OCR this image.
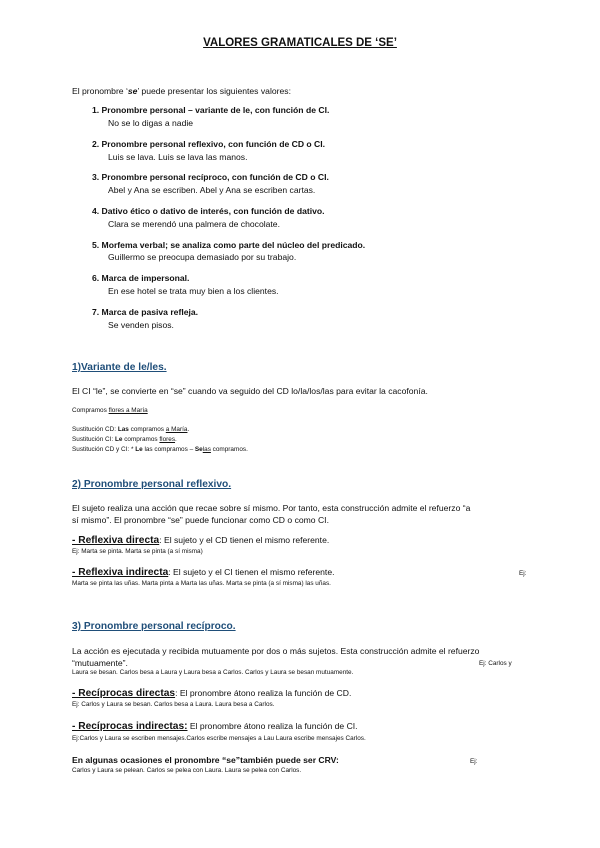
VALORES GRAMATICALES DE ‘SE’
El pronombre ‘se’ puede presentar los siguientes valores:
1. Pronombre personal – variante de le, con función de CI.
No se lo digas a nadie
2. Pronombre personal reflexivo, con función de CD o CI.
Luis se lava. Luis se lava las manos.
3. Pronombre personal recíproco, con función de CD o CI.
Abel y Ana se escriben. Abel y Ana se escriben cartas.
4. Dativo ético o dativo de interés, con función de dativo.
Clara se merendó una palmera de chocolate.
5. Morfema verbal; se analiza como parte del núcleo del predicado.
Guillermo se preocupa demasiado por su trabajo.
6. Marca de impersonal.
En ese hotel se trata muy bien a los clientes.
7. Marca de pasiva refleja.
Se venden pisos.
1)Variante de le/les.
El CI “le”, se convierte en “se” cuando va seguido del CD lo/la/los/las para evitar la cacofonía.
Compramos flores a María
Sustitución CD: Las compramos a María.
Sustitución CI: Le compramos flores.
Sustitución CD y CI: * Le las compramos – Selas compramos.
2) Pronombre personal reflexivo.
El sujeto realiza una acción que recae sobre sí mismo. Por tanto, esta construcción admite el refuerzo “a
sí mismo”. El pronombre “se” puede funcionar como CD o como CI.
- Reflexiva directa: El sujeto y el CD tienen el mismo referente.
Ej: Marta se pinta. Marta se pinta (a sí misma)
- Reflexiva indirecta: El sujeto y el CI tienen el mismo referente.	Ej:
Marta se pinta las uñas. Marta pinta a Marta las uñas. Marta se pinta (a sí misma) las uñas.
3) Pronombre personal recíproco.
La acción es ejecutada y recibida mutuamente por dos o más sujetos. Esta construcción admite el refuerzo
“mutuamente”.	Ej: Carlos y
Laura se besan. Carlos besa a Laura y Laura besa a Carlos. Carlos y Laura se besan mutuamente.
- Recíprocas directas: El pronombre átono realiza la función de CD.
Ej: Carlos y Laura se besan. Carlos besa a Laura. Laura besa a Carlos.
- Recíprocas indirectas: El pronombre átono realiza la función de CI.
Ej:Carlos y Laura se escriben mensajes.Carlos escribe mensajes a Lau Laura escribe mensajes Carlos.
En algunas ocasiones el pronombre “se”también puede ser CRV:	Ej:
Carlos y Laura se pelean. Carlos se pelea con Laura. Laura se pelea con Carlos.
